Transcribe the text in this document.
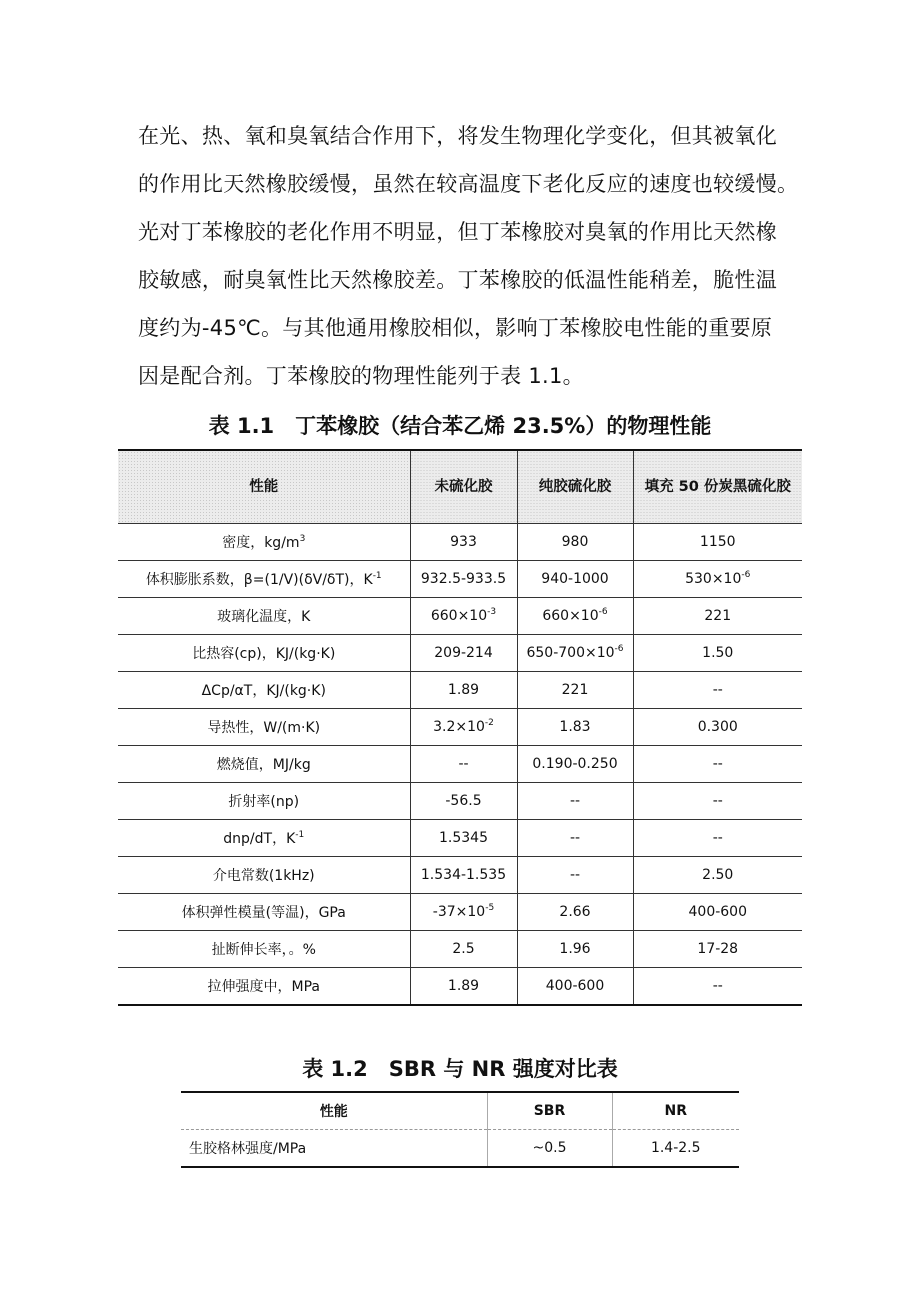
在光、热、氧和臭氧结合作用下，将发生物理化学变化，但其被氧化
的作用比天然橡胶缓慢，虽然在较高温度下老化反应的速度也较缓慢。
光对丁苯橡胶的老化作用不明显，但丁苯橡胶对臭氧的作用比天然橡
胶敏感，耐臭氧性比天然橡胶差。丁苯橡胶的低温性能稍差，脆性温
度约为-45℃。与其他通用橡胶相似，影响丁苯橡胶电性能的重要原
因是配合剂。丁苯橡胶的物理性能列于表 1.1。
表 1.1　丁苯橡胶（结合苯乙烯 23.5%）的物理性能
性能	未硫化胶	纯胶硫化胶	填充 50 份炭黑硫化胶
密度，$kg/m^3$	933	980	1150
体积膨胀系数，β=(1/V)(δV/δT)，$K^{-1}$	932.5-933.5	940-1000	$530\times 10^{-6}$
玻璃化温度，K	$660\times 10^{-3}$	$660\times 10^{-6}$	221
比热容(cp)，KJ/(kg·K)	209-214	$650-700\times 10^{-6}$	1.50
ΔCp/αT，KJ/(kg·K)	1.89	221	--
导热性，W/(m·K)	$3.2\times 10^{-2}$	1.83	0.300
燃烧值，MJ/kg	--	0.190-0.250	--
折射率(np)	-56.5	--	--
dnp/dT，$K^{-1}$	1.5345	--	--
介电常数(1kHz)	1.534-1.535	--	2.50
体积弹性模量(等温)，GPa	$-37\times 10^{-5}$	2.66	400-600
扯断伸长率，。%	2.5	1.96	17-28
拉伸强度中，MPa	1.89	400-600	--
表 1.2　SBR 与 NR 强度对比表
性能	SBR	NR
生胶格林强度/MPa	~0.5	1.4-2.5
